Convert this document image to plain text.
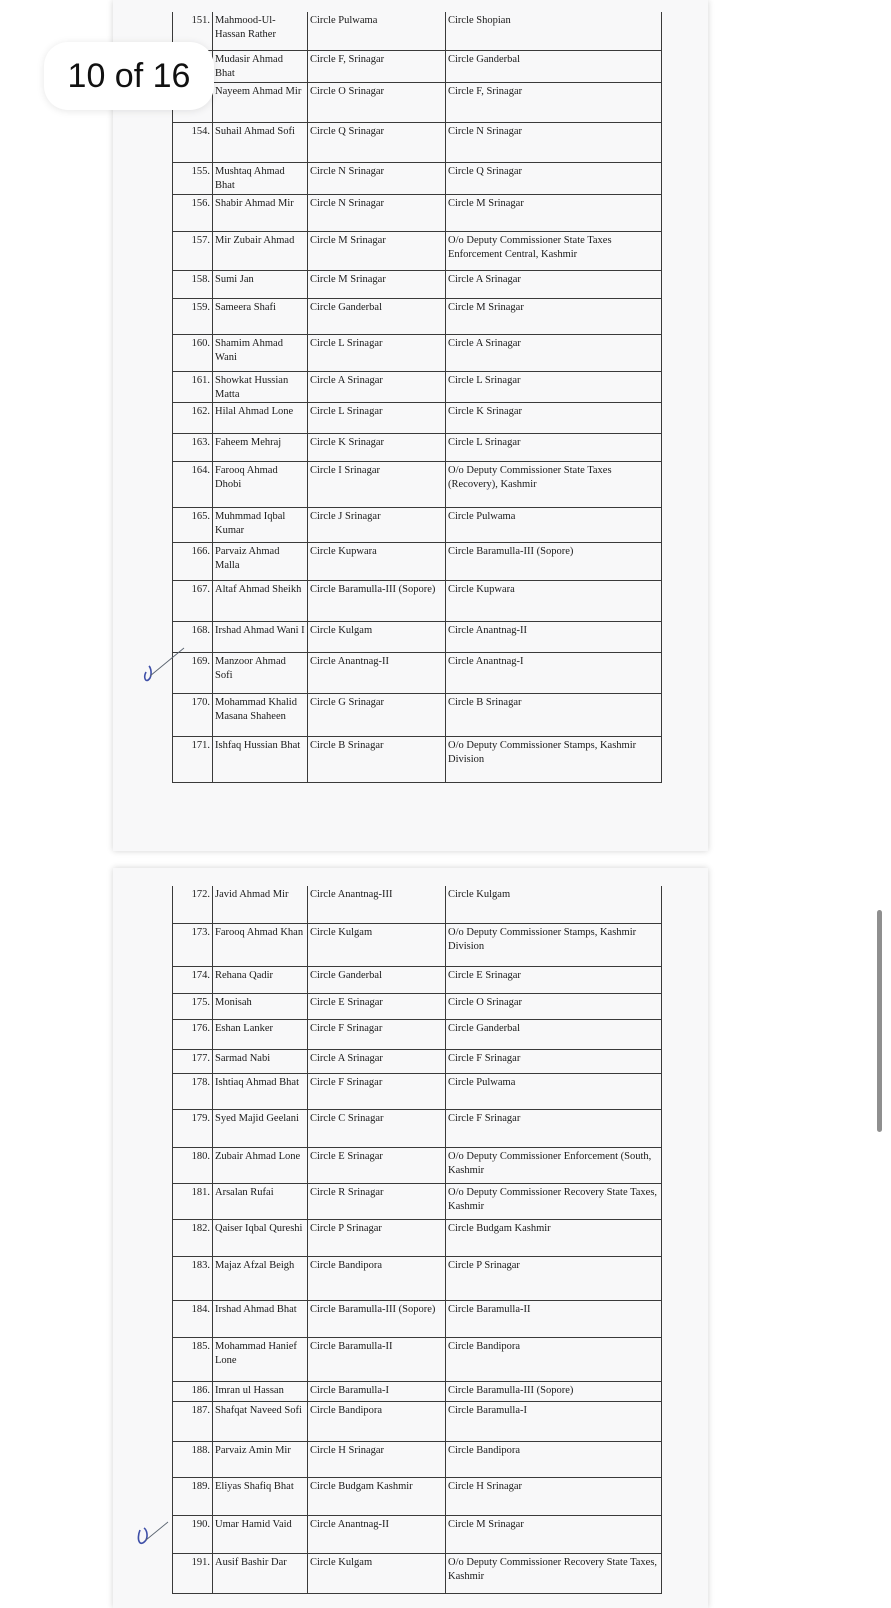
151.	Mahmood-Ul-Hassan Rather	Circle Pulwama	Circle Shopian
	Mudasir Ahmad Bhat	Circle F, Srinagar	Circle Ganderbal
	Nayeem Ahmad Mir	Circle O Srinagar	Circle F, Srinagar
154.	Suhail Ahmad Sofi	Circle Q Srinagar	Circle N Srinagar
155.	Mushtaq Ahmad Bhat	Circle N Srinagar	Circle Q Srinagar
156.	Shabir Ahmad Mir	Circle N Srinagar	Circle M Srinagar
157.	Mir Zubair Ahmad	Circle M Srinagar	O/o Deputy Commissioner State Taxes Enforcement Central, Kashmir
158.	Sumi Jan	Circle M Srinagar	Circle A Srinagar
159.	Sameera Shafi	Circle Ganderbal	Circle M Srinagar
160.	Shamim Ahmad Wani	Circle L Srinagar	Circle A Srinagar
161.	Showkat Hussian Matta	Circle A Srinagar	Circle L Srinagar
162.	Hilal Ahmad Lone	Circle L Srinagar	Circle K Srinagar
163.	Faheem Mehraj	Circle K Srinagar	Circle L Srinagar
164.	Farooq Ahmad Dhobi	Circle I Srinagar	O/o Deputy Commissioner State Taxes (Recovery), Kashmir
165.	Muhmmad Iqbal Kumar	Circle J Srinagar	Circle Pulwama
166.	Parvaiz Ahmad Malla	Circle Kupwara	Circle Baramulla-III (Sopore)
167.	Altaf Ahmad Sheikh	Circle Baramulla-III (Sopore)	Circle Kupwara
168.	Irshad Ahmad Wani I	Circle Kulgam	Circle Anantnag-II
169.	Manzoor Ahmad Sofi	Circle Anantnag-II	Circle Anantnag-I
170.	Mohammad Khalid Masana Shaheen	Circle G Srinagar	Circle B Srinagar
171.	Ishfaq Hussian Bhat	Circle B Srinagar	O/o Deputy Commissioner Stamps, Kashmir Division
172.	Javid Ahmad Mir	Circle Anantnag-III	Circle Kulgam
173.	Farooq Ahmad Khan	Circle Kulgam	O/o Deputy Commissioner Stamps, Kashmir Division
174.	Rehana Qadir	Circle Ganderbal	Circle E Srinagar
175.	Monisah	Circle E Srinagar	Circle O Srinagar
176.	Eshan Lanker	Circle F Srinagar	Circle Ganderbal
177.	Sarmad Nabi	Circle A Srinagar	Circle F Srinagar
178.	Ishtiaq Ahmad Bhat	Circle F Srinagar	Circle Pulwama
179.	Syed Majid Geelani	Circle C Srinagar	Circle F Srinagar
180.	Zubair Ahmad Lone	Circle E Srinagar	O/o Deputy Commissioner Enforcement (South, Kashmir
181.	Arsalan Rufai	Circle R Srinagar	O/o Deputy Commissioner Recovery State Taxes, Kashmir
182.	Qaiser Iqbal Qureshi	Circle P Srinagar	Circle Budgam Kashmir
183.	Majaz Afzal Beigh	Circle Bandipora	Circle P Srinagar
184.	Irshad Ahmad Bhat	Circle Baramulla-III (Sopore)	Circle Baramulla-II
185.	Mohammad Hanief Lone	Circle Baramulla-II	Circle Bandipora
186.	Imran ul Hassan	Circle Baramulla-I	Circle Baramulla-III (Sopore)
187.	Shafqat Naveed Sofi	Circle Bandipora	Circle Baramulla-I
188.	Parvaiz Amin Mir	Circle H Srinagar	Circle Bandipora
189.	Eliyas Shafiq Bhat	Circle Budgam Kashmir	Circle H Srinagar
190.	Umar Hamid Vaid	Circle Anantnag-II	Circle M Srinagar
191.	Ausif Bashir Dar	Circle Kulgam	O/o Deputy Commissioner Recovery State Taxes, Kashmir
10 of 16
